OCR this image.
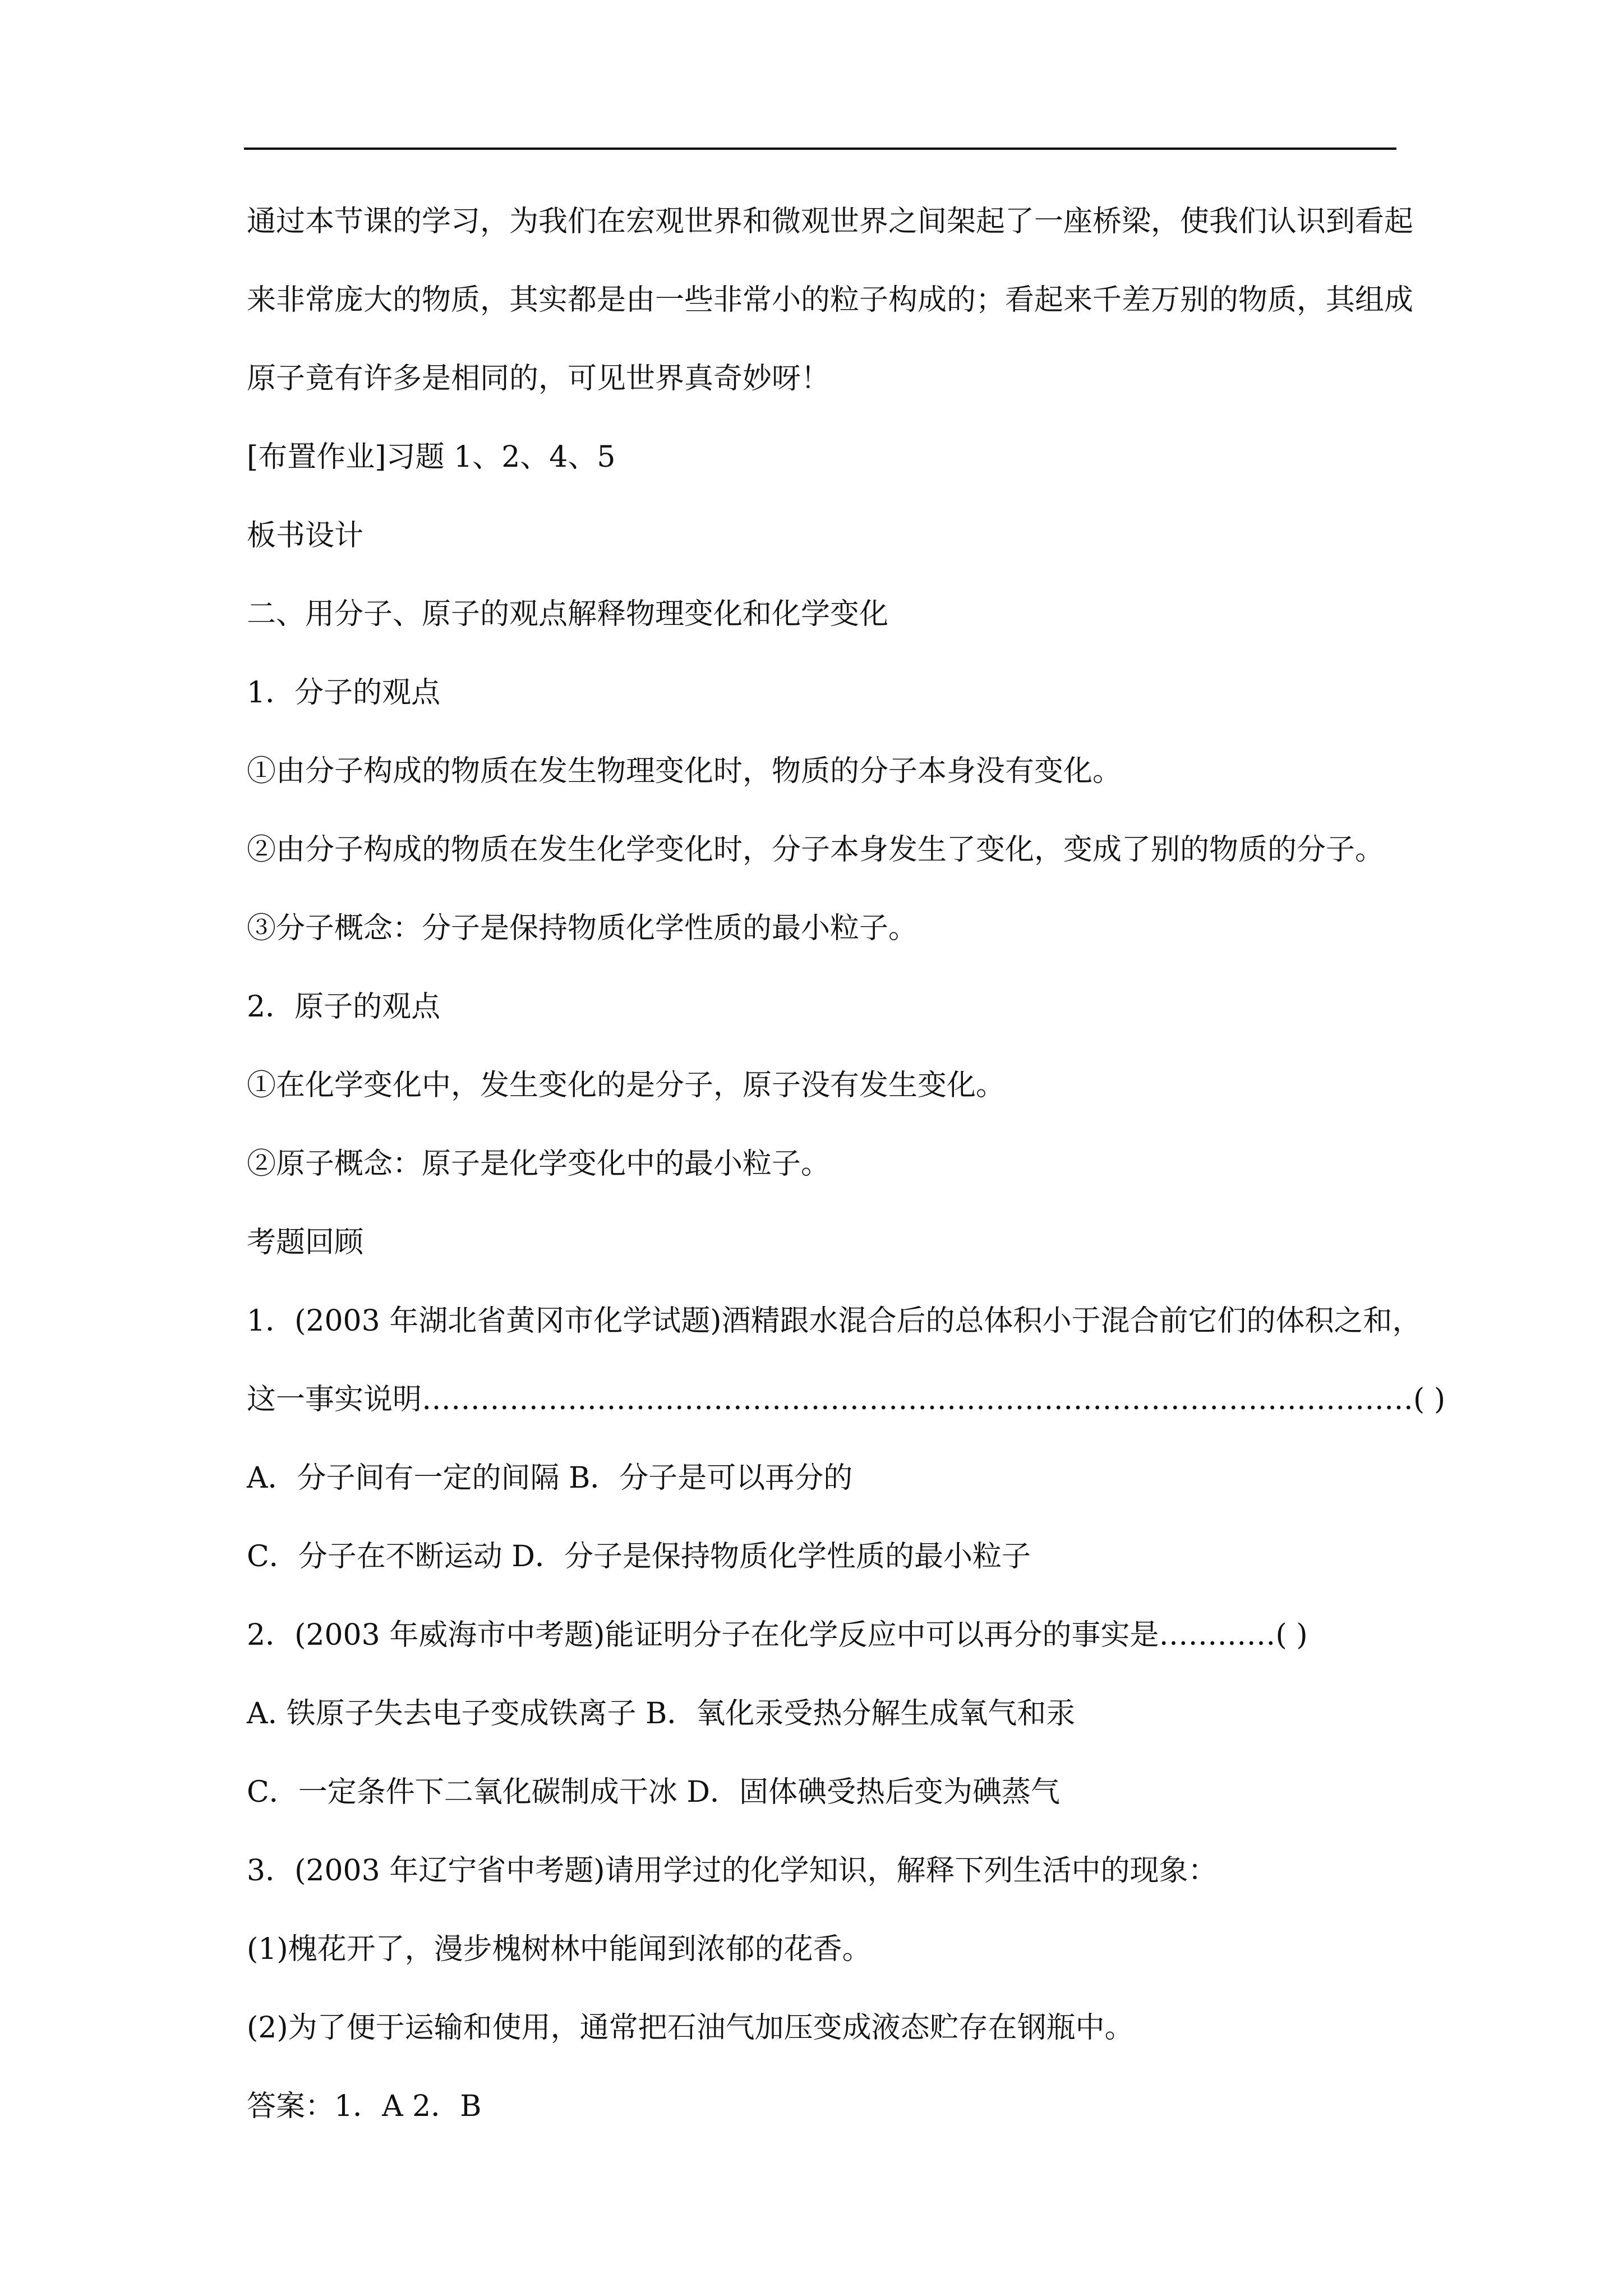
通过本节课的学习，为我们在宏观世界和微观世界之间架起了一座桥梁，使我们认识到看起
来非常庞大的物质，其实都是由一些非常小的粒子构成的；看起来千差万别的物质，其组成
原子竟有许多是相同的，可见世界真奇妙呀！
[布置作业]习题 1、2、4、5
板书设计
二、用分子、原子的观点解释物理变化和化学变化
1．分子的观点
①由分子构成的物质在发生物理变化时，物质的分子本身没有变化。
②由分子构成的物质在发生化学变化时，分子本身发生了变化，变成了别的物质的分子。
③分子概念：分子是保持物质化学性质的最小粒子。
2．原子的观点
①在化学变化中，发生变化的是分子，原子没有发生变化。
②原子概念：原子是化学变化中的最小粒子。
考题回顾
1．(2003 年湖北省黄冈市化学试题)酒精跟水混合后的总体积小于混合前它们的体积之和，
这一事实说明…………………………………………………………………………………………( )
A．分子间有一定的间隔 B．分子是可以再分的
C．分子在不断运动 D．分子是保持物质化学性质的最小粒子
2．(2003 年威海市中考题)能证明分子在化学反应中可以再分的事实是…………( )
A. 铁原子失去电子变成铁离子 B．氧化汞受热分解生成氧气和汞
C．一定条件下二氧化碳制成干冰 D．固体碘受热后变为碘蒸气
3．(2003 年辽宁省中考题)请用学过的化学知识，解释下列生活中的现象：
(1)槐花开了，漫步槐树林中能闻到浓郁的花香。
(2)为了便于运输和使用，通常把石油气加压变成液态贮存在钢瓶中。
答案：1．A 2．B
